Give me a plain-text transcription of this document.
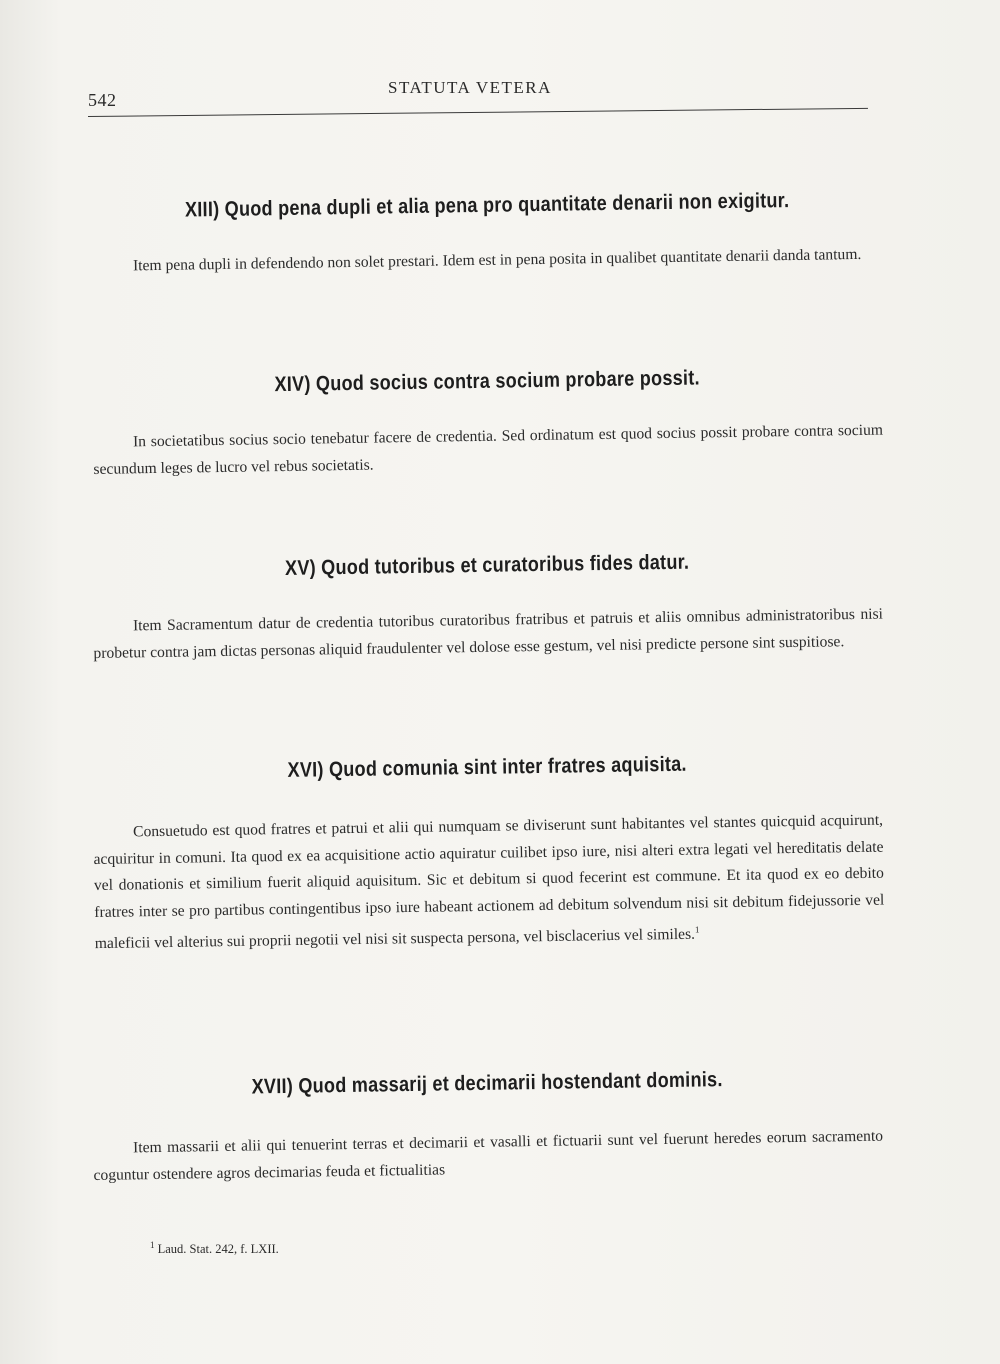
542
STATUTA VETERA
XIII) Quod pena dupli et alia pena pro quantitate denarii non exigitur.

Item pena dupli in defendendo non solet prestari. Idem est in pena posita in qualibet quantitate denarii danda tantum.

XIV) Quod socius contra socium probare possit.

In societatibus socius socio tenebatur facere de credentia. Sed ordinatum est quod socius possit probare contra socium secundum leges de lucro vel rebus societatis.

XV) Quod tutoribus et curatoribus fides datur.

Item Sacramentum datur de credentia tutoribus curatoribus fratribus et patruis et aliis omnibus administratoribus nisi probetur contra jam dictas personas aliquid fraudulenter vel dolose esse gestum, vel nisi predicte persone sint suspitiose.

XVI) Quod comunia sint inter fratres aquisita.

Consuetudo est quod fratres et patrui et alii qui numquam se diviserunt sunt habitantes vel stantes quicquid acquirunt, acquiritur in comuni. Ita quod ex ea acquisitione actio aquiratur cuilibet ipso iure, nisi alteri extra legati vel hereditatis delate vel donationis et similium fuerit aliquid aquisitum. Sic et debitum si quod fecerint est commune. Et ita quod ex eo debito fratres inter se pro partibus contingentibus ipso iure habeant actionem ad debitum solvendum nisi sit debitum fidejussorie vel maleficii vel alterius sui proprii negotii vel nisi sit suspecta persona, vel bisclacerius vel similes.$^1$

XVII) Quod massarij et decimarii hostendant dominis.

Item massarii et alii qui tenuerint terras et decimarii et vasalli et fictuarii sunt vel fuerunt heredes eorum sacramento coguntur ostendere agros decimarias feuda et fictualitias

$^1$ Laud. Stat. 242, f. LXII.
